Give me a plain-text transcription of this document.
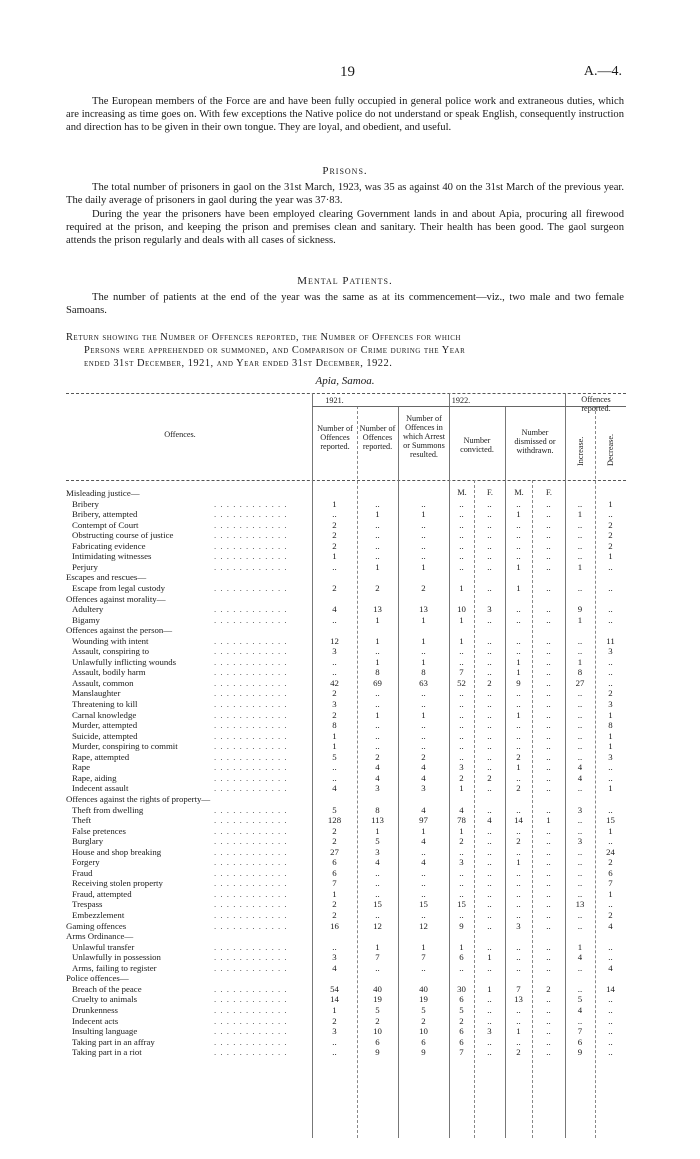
19	A.—4.

The European members of the Force are and have been fully occupied in general police work and extraneous duties, which are increasing as time goes on. With few exceptions the Native police do not understand or speak English, consequently instruction and direction has to be given in their own tongue. They are loyal, and obedient, and useful.

Prisons.

The total number of prisoners in gaol on the 31st March, 1923, was 35 as against 40 on the 31st March of the previous year. The daily average of prisoners in gaol during the year was 37·83.

During the year the prisoners have been employed clearing Government lands in and about Apia, procuring all firewood required at the prison, and keeping the prison and premises clean and sanitary. Their health has been good. The gaol surgeon attends the prison regularly and deals with all cases of sickness.

Mental Patients.

The number of patients at the end of the year was the same as at its commencement—viz., two male and two female Samoans.

Return showing the Number of Offences reported, the Number of Offences for which
Persons were apprehended or summoned, and Comparison of Crime during the Year
ended 31st December, 1921, and Year ended 31st December, 1922.
Apia, Samoa.
1921.	1922.	Offences reported.
Offences.
Number of Offences reported.
Number of Offences reported.
Number of Offences in which Arrest or Summons resulted.
Number convicted.
Number dismissed or withdrawn.	Increase.	Decrease.
M.	F.	M.	F.
Misleading justice—
Bribery	. . . . . . . . . . . .	1	..	..	..	..	..	..	..	1
Bribery, attempted	. . . . . . . . . . . .	..	1	1	..	..	1	..	1	..
Contempt of Court	. . . . . . . . . . . .	2	..	..	..	..	..	..	..	2
Obstructing course of justice	. . . . . . . . . . . .	2	..	..	..	..	..	..	..	2
Fabricating evidence	. . . . . . . . . . . .	2	..	..	..	..	..	..	..	2
Intimidating witnesses	. . . . . . . . . . . .	1	..	..	..	..	..	..	..	1
Perjury	. . . . . . . . . . . .	..	1	1	..	..	1	..	1	..
Escapes and rescues—
Escape from legal custody	. . . . . . . . . . . .	2	2	2	1	..	1	..	..	..
Offences against morality—
Adultery	. . . . . . . . . . . .	4	13	13	10	3	..	..	9	..
Bigamy	. . . . . . . . . . . .	..	1	1	1	..	..	..	1	..
Offences against the person—
Wounding with intent	. . . . . . . . . . . .	12	1	1	1	..	..	..	..	11
Assault, conspiring to	. . . . . . . . . . . .	3	..	..	..	..	..	..	..	3
Unlawfully inflicting wounds	. . . . . . . . . . . .	..	1	1	..	..	1	..	1	..
Assault, bodily harm	. . . . . . . . . . . .	..	8	8	7	..	1	..	8	..
Assault, common	. . . . . . . . . . . .	42	69	63	52	2	9	..	27	..
Manslaughter	. . . . . . . . . . . .	2	..	..	..	..	..	..	..	2
Threatening to kill	. . . . . . . . . . . .	3	..	..	..	..	..	..	..	3
Carnal knowledge	. . . . . . . . . . . .	2	1	1	..	..	1	..	..	1
Murder, attempted	. . . . . . . . . . . .	8	..	..	..	..	..	..	..	8
Suicide, attempted	. . . . . . . . . . . .	1	..	..	..	..	..	..	..	1
Murder, conspiring to commit	. . . . . . . . . . . .	1	..	..	..	..	..	..	..	1
Rape, attempted	. . . . . . . . . . . .	5	2	2	..	..	2	..	..	3
Rape	. . . . . . . . . . . .	..	4	4	3	..	1	..	4	..
Rape, aiding	. . . . . . . . . . . .	..	4	4	2	2	..	..	4	..
Indecent assault	. . . . . . . . . . . .	4	3	3	1	..	2	..	..	1
Offences against the rights of property—
Theft from dwelling	. . . . . . . . . . . .	5	8	4	4	..	..	..	3	..
Theft	. . . . . . . . . . . .	128	113	97	78	4	14	1	..	15
False pretences	. . . . . . . . . . . .	2	1	1	1	..	..	..	..	1
Burglary	. . . . . . . . . . . .	2	5	4	2	..	2	..	3	..
House and shop breaking	. . . . . . . . . . . .	27	3	..	..	..	..	..	..	24
Forgery	. . . . . . . . . . . .	6	4	4	3	..	1	..	..	2
Fraud	. . . . . . . . . . . .	6	..	..	..	..	..	..	..	6
Receiving stolen property	. . . . . . . . . . . .	7	..	..	..	..	..	..	..	7
Fraud, attempted	. . . . . . . . . . . .	1	..	..	..	..	..	..	..	1
Trespass	. . . . . . . . . . . .	2	15	15	15	..	..	..	13	..
Embezzlement	. . . . . . . . . . . .	2	..	..	..	..	..	..	..	2
Gaming offences	. . . . . . . . . . . .	16	12	12	9	..	3	..	..	4
Arms Ordinance—
Unlawful transfer	. . . . . . . . . . . .	..	1	1	1	..	..	..	1	..
Unlawfully in possession	. . . . . . . . . . . .	3	7	7	6	1	..	..	4	..
Arms, failing to register	. . . . . . . . . . . .	4	..	..	..	..	..	..	..	4
Police offences—
Breach of the peace	. . . . . . . . . . . .	54	40	40	30	1	7	2	..	14
Cruelty to animals	. . . . . . . . . . . .	14	19	19	6	..	13	..	5	..
Drunkenness	. . . . . . . . . . . .	1	5	5	5	..	..	..	4	..
Indecent acts	. . . . . . . . . . . .	2	2	2	2	..	..	..	..	..
Insulting language	. . . . . . . . . . . .	3	10	10	6	3	1	..	7	..
Taking part in an affray	. . . . . . . . . . . .	..	6	6	6	..	..	..	6	..
Taking part in a riot	. . . . . . . . . . . .	..	9	9	7	..	2	..	9	..
